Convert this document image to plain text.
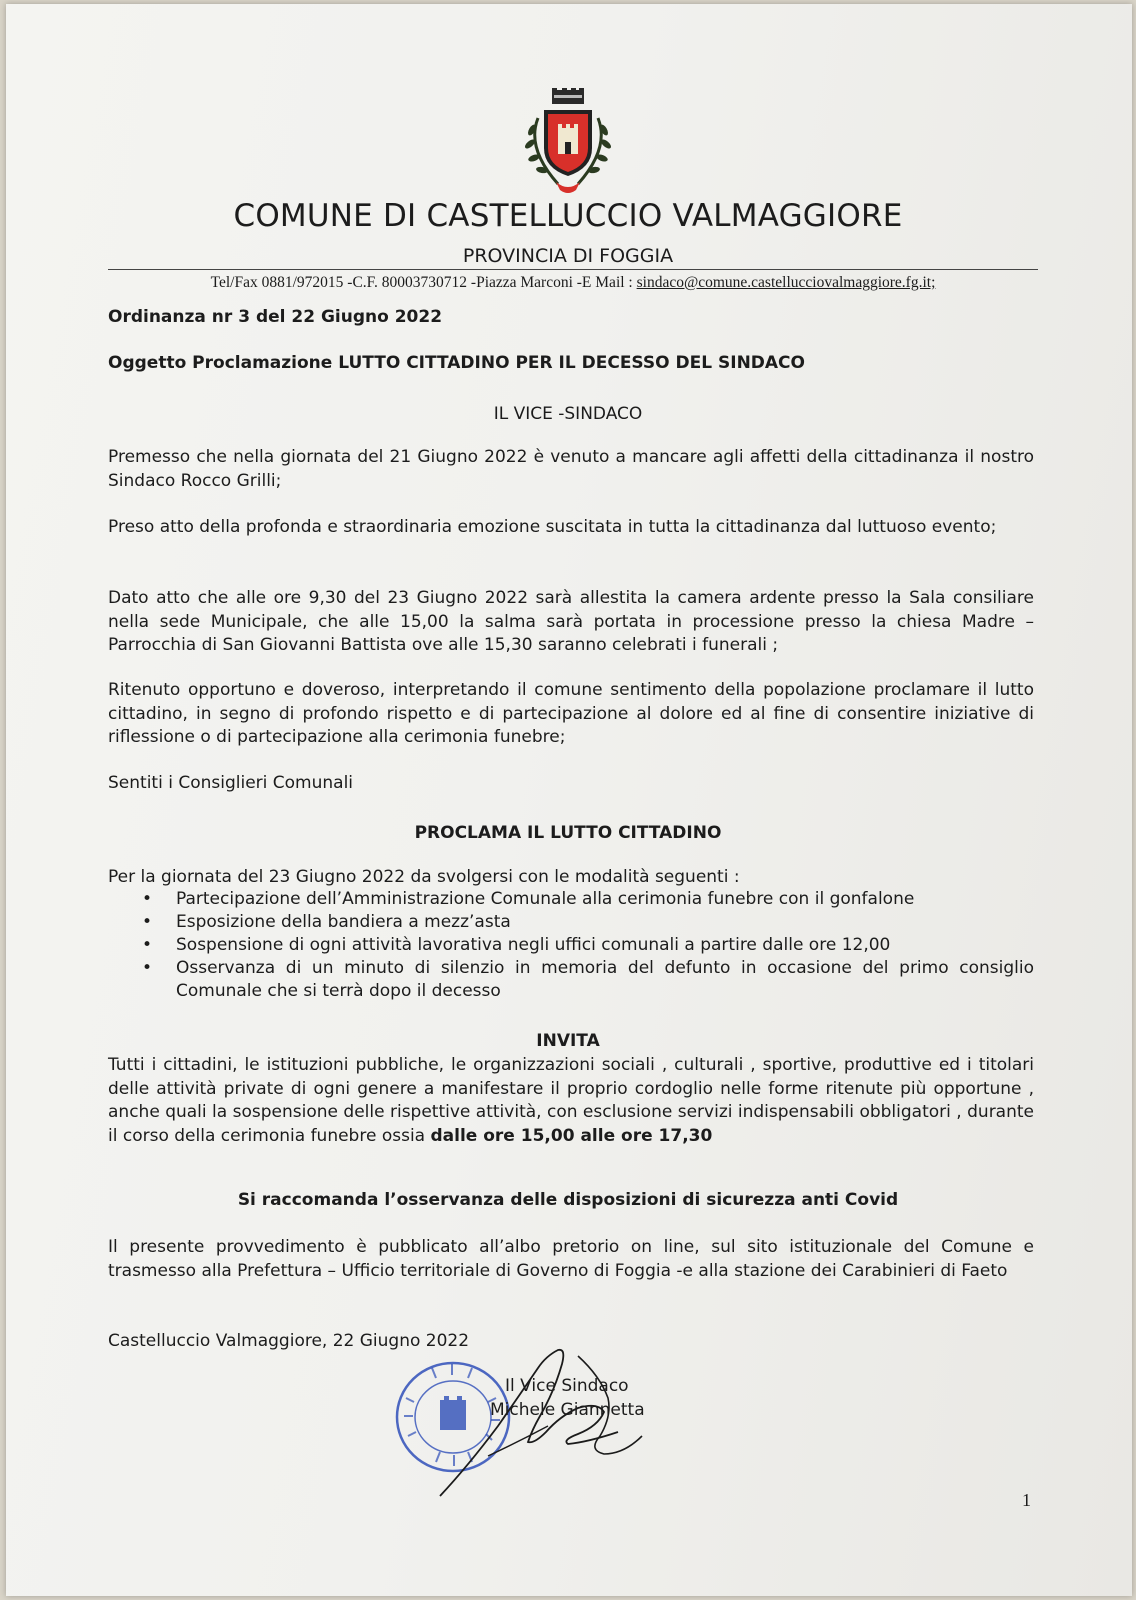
COMUNE DI CASTELLUCCIO VALMAGGIORE
PROVINCIA DI FOGGIA
Tel/Fax 0881/972015 -C.F. 80003730712 -Piazza Marconi -E Mail : sindaco@comune.castellucciovalmaggiore.fg.it;
Ordinanza nr 3 del 22 Giugno 2022
Oggetto Proclamazione LUTTO CITTADINO PER IL DECESSO DEL SINDACO
IL VICE -SINDACO
Premesso che nella giornata del 21 Giugno 2022 è venuto a mancare agli affetti della cittadinanza il nostro Sindaco Rocco Grilli;
Preso atto della profonda e straordinaria emozione suscitata in tutta la cittadinanza dal luttuoso evento;
Dato atto che alle ore 9,30 del 23 Giugno 2022 sarà allestita la camera ardente presso la Sala consiliare nella sede Municipale, che alle 15,00 la salma sarà portata in processione presso la chiesa Madre – Parrocchia di San Giovanni Battista ove alle 15,30 saranno celebrati i funerali ;
Ritenuto opportuno e doveroso, interpretando il comune sentimento della popolazione proclamare il lutto cittadino, in segno di profondo rispetto e di partecipazione al dolore ed al fine di consentire iniziative di riflessione o di partecipazione alla cerimonia funebre;
Sentiti i Consiglieri Comunali
PROCLAMA IL LUTTO CITTADINO
Per la giornata del 23 Giugno 2022 da svolgersi con le modalità seguenti :
• Partecipazione dell’Amministrazione Comunale alla cerimonia funebre con il gonfalone
• Esposizione della bandiera a mezz’asta
• Sospensione di ogni attività lavorativa negli uffici comunali a partire dalle ore 12,00
• Osservanza di un minuto di silenzio in memoria del defunto in occasione del primo consiglio Comunale che si terrà dopo il decesso
INVITA
Tutti i cittadini, le istituzioni pubbliche, le organizzazioni sociali , culturali , sportive, produttive ed i titolari delle attività private di ogni genere a manifestare il proprio cordoglio nelle forme ritenute più opportune , anche quali la sospensione delle rispettive attività, con esclusione servizi indispensabili obbligatori , durante il corso della cerimonia funebre ossia dalle ore 15,00 alle ore 17,30
Si raccomanda l’osservanza delle disposizioni di sicurezza anti Covid
Il presente provvedimento è pubblicato all’albo pretorio on line, sul sito istituzionale del Comune e trasmesso alla Prefettura – Ufficio territoriale di Governo di Foggia -e alla stazione dei Carabinieri di Faeto
Castelluccio Valmaggiore, 22 Giugno 2022
Il Vice Sindaco
Michele Giannetta
1
